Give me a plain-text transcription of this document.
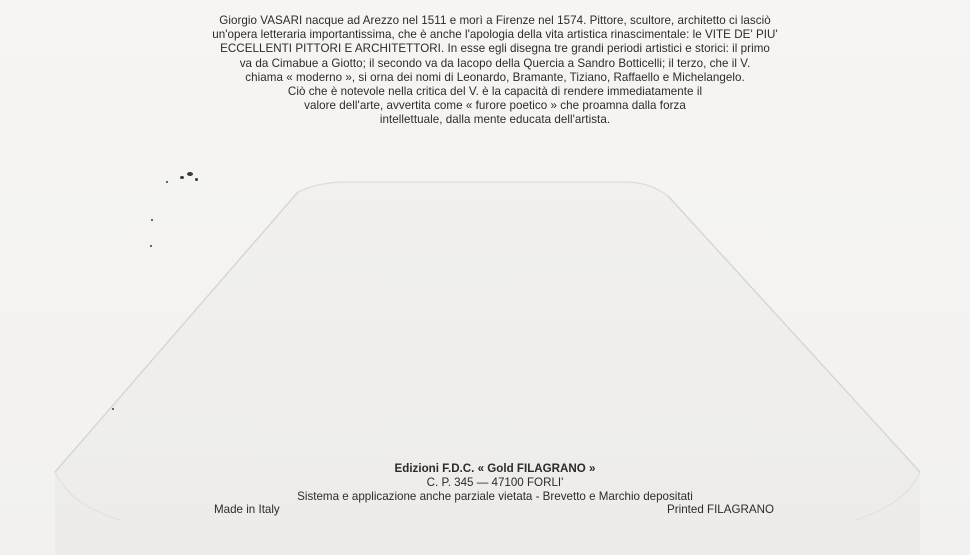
Giorgio VASARI nacque ad Arezzo nel 1511 e morì a Firenze nel 1574. Pittore, scultore, architetto ci lasciò
un'opera letteraria importantissima, che è anche l'apologia della vita artistica rinascimentale: le VITE DE' PIU'
ECCELLENTI PITTORI E ARCHITETTORI. In esse egli disegna tre grandi periodi artistici e storici: il primo
va da Cimabue a Giotto; il secondo va da Iacopo della Quercia a Sandro Botticelli; il terzo, che il V.
chiama « moderno », si orna dei nomi di Leonardo, Bramante, Tiziano, Raffaello e Michelangelo.
Ciò che è notevole nella critica del V. è la capacità di rendere immediatamente il
valore dell'arte, avvertita come « furore poetico » che proamna dalla forza
intellettuale, dalla mente educata dell'artista.
Edizioni F.D.C. « Gold FILAGRANO »
C. P. 345 — 47100 FORLI'
Sistema e applicazione anche parziale vietata - Brevetto e Marchio depositati
Made in Italy	Printed FILAGRANO
